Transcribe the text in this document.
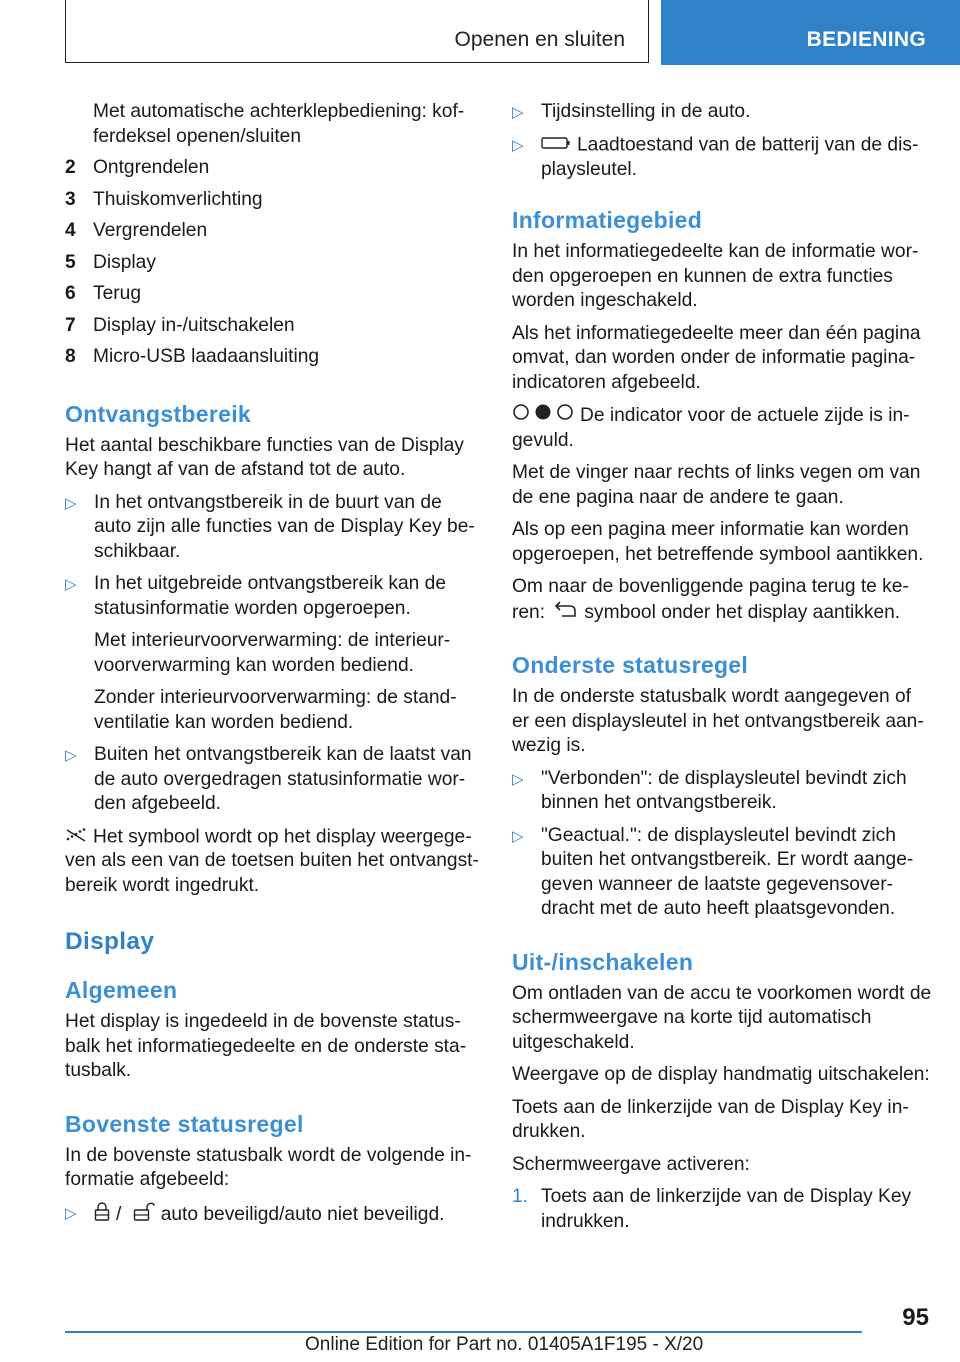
Openen en sluiten	BEDIENING
Met automatische achterklepbediening: kofferdeksel openen/sluiten
2 Ontgrendelen
3 Thuiskomverlichting
4 Vergrendelen
5 Display
6 Terug
7 Display in-/uitschakelen
8 Micro-USB laadaansluiting
Ontvangstbereik

Het aantal beschikbare functies van de Display Key hangt af van de afstand tot de auto.

▷ In het ontvangstbereik in de buurt van de auto zijn alle functies van de Display Key beschikbaar.
▷ In het uitgebreide ontvangstbereik kan de statusinformatie worden opgeroepen.
Met interieurvoorverwarming: de interieurvoorverwarming kan worden bediend.
Zonder interieurvoorverwarming: de standventilatie kan worden bediend.
▷ Buiten het ontvangstbereik kan de laatst van de auto overgedragen statusinformatie worden afgebeeld.

Het symbool wordt op het display weergegeven als een van de toetsen buiten het ontvangstbereik wordt ingedrukt.

Display
Algemeen

Het display is ingedeeld in de bovenste statusbalk het informatiegedeelte en de onderste statusbalk.

Bovenste statusregel

In de bovenste statusbalk wordt de volgende informatie afgebeeld:

▷	/ auto beveiligd/auto niet beveiligd.
▷ Tijdsinstelling in de auto.
▷	Laadtoestand van de batterij van de displaysleutel.
Informatiegebied

In het informatiegedeelte kan de informatie worden opgeroepen en kunnen de extra functies worden ingeschakeld.

Als het informatiegedeelte meer dan één pagina omvat, dan worden onder de informatie paginaindicatoren afgebeeld.

De indicator voor de actuele zijde is ingevuld.

Met de vinger naar rechts of links vegen om van de ene pagina naar de andere te gaan.

Als op een pagina meer informatie kan worden opgeroepen, het betreffende symbool aantikken.

Om naar de bovenliggende pagina terug te keren: symbool onder het display aantikken.

Onderste statusregel

In de onderste statusbalk wordt aangegeven of er een displaysleutel in het ontvangstbereik aanwezig is.

▷ "Verbonden": de displaysleutel bevindt zich binnen het ontvangstbereik.
▷ "Geactual.": de displaysleutel bevindt zich buiten het ontvangstbereik. Er wordt aangegeven wanneer de laatste gegevensoverdracht met de auto heeft plaatsgevonden.
Uit-/inschakelen

Om ontladen van de accu te voorkomen wordt de schermweergave na korte tijd automatisch uitgeschakeld.

Weergave op de display handmatig uitschakelen:

Toets aan de linkerzijde van de Display Key indrukken.

Schermweergave activeren:

1. Toets aan de linkerzijde van de Display Key indrukken.
95
Online Edition for Part no. 01405A1F195 - X/20
